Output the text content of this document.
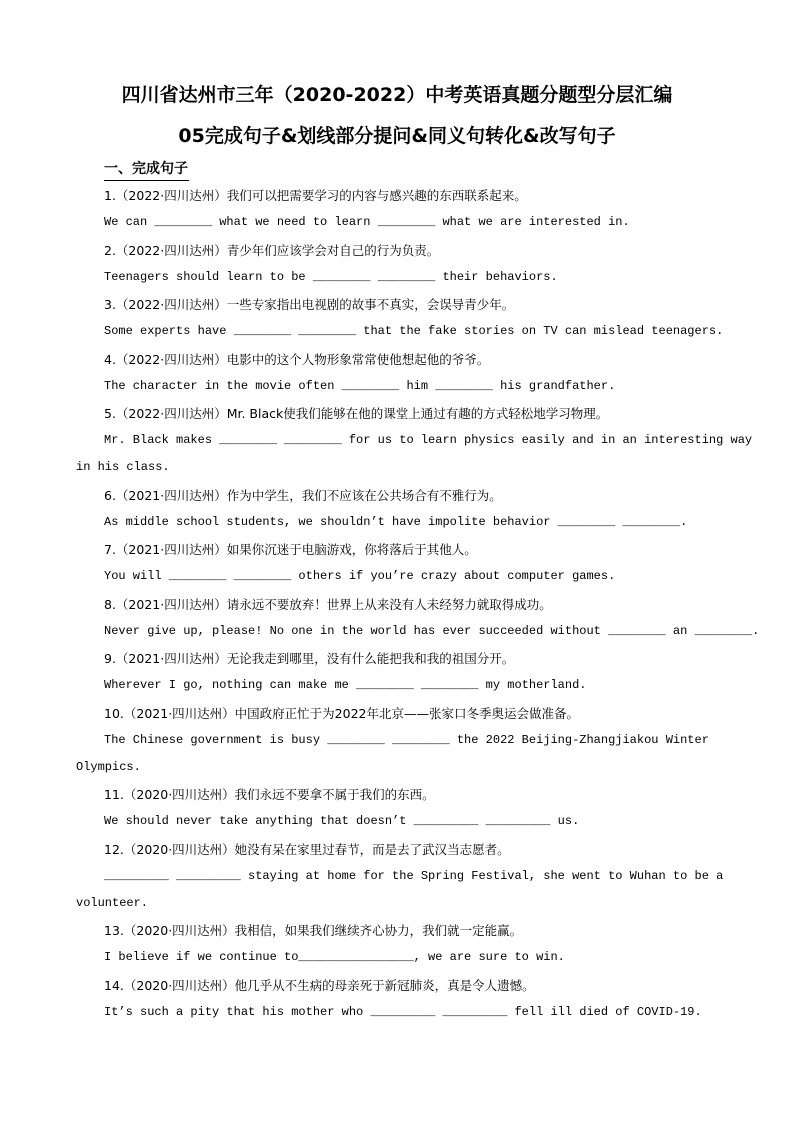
四川省达州市三年（2020-2022）中考英语真题分题型分层汇编
05完成句子&划线部分提问&同义句转化&改写句子
一、完成句子
1.（2022·四川达州）我们可以把需要学习的内容与感兴趣的东西联系起来。
We can ________ what we need to learn ________ what we are interested in.
2.（2022·四川达州）青少年们应该学会对自己的行为负责。
Teenagers should learn to be ________ ________ their behaviors.
3.（2022·四川达州）一些专家指出电视剧的故事不真实，会误导青少年。
Some experts have ________ ________ that the fake stories on TV can mislead teenagers.
4.（2022·四川达州）电影中的这个人物形象常常使他想起他的爷爷。
The character in the movie often ________ him ________ his grandfather.
5.（2022·四川达州）Mr. Black使我们能够在他的课堂上通过有趣的方式轻松地学习物理。
Mr. Black makes ________ ________ for us to learn physics easily and in an interesting way
in his class.
6.（2021·四川达州）作为中学生，我们不应该在公共场合有不雅行为。
As middle school students, we shouldn’t have impolite behavior ________ ________.
7.（2021·四川达州）如果你沉迷于电脑游戏，你将落后于其他人。
You will ________ ________ others if you’re crazy about computer games.
8.（2021·四川达州）请永远不要放弃！世界上从来没有人未经努力就取得成功。
Never give up, please! No one in the world has ever succeeded without ________ an ________.
9.（2021·四川达州）无论我走到哪里，没有什么能把我和我的祖国分开。
Wherever I go, nothing can make me ________ ________ my motherland.
10.（2021·四川达州）中国政府正忙于为2022年北京——张家口冬季奥运会做准备。
The Chinese government is busy ________ ________ the 2022 Beijing-Zhangjiakou Winter
Olympics.
11.（2020·四川达州）我们永远不要拿不属于我们的东西。
We should never take anything that doesn’t _________ _________ us.
12.（2020·四川达州）她没有呆在家里过春节，而是去了武汉当志愿者。
_________ _________ staying at home for the Spring Festival, she went to Wuhan to be a
volunteer.
13.（2020·四川达州）我相信，如果我们继续齐心协力，我们就一定能赢。
I believe if we continue to________________, we are sure to win.
14.（2020·四川达州）他几乎从不生病的母亲死于新冠肺炎，真是令人遗憾。
It’s such a pity that his mother who _________ _________ fell ill died of COVID-19.
